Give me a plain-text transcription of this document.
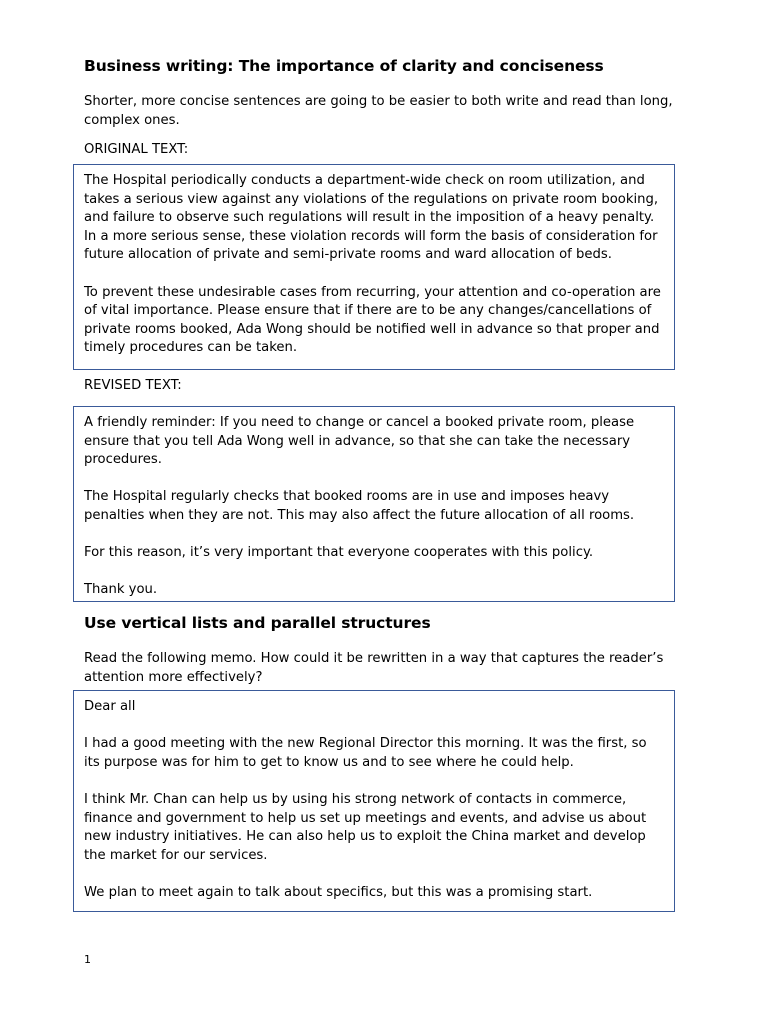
Business writing: The importance of clarity and conciseness

Shorter, more concise sentences are going to be easier to both write and read than long, complex ones.

ORIGINAL TEXT:

The Hospital periodically conducts a department-wide check on room utilization, and takes a serious view against any violations of the regulations on private room booking, and failure to observe such regulations will result in the imposition of a heavy penalty. In a more serious sense, these violation records will form the basis of consideration for future allocation of private and semi-private rooms and ward allocation of beds.

To prevent these undesirable cases from recurring, your attention and co-operation are of vital importance. Please ensure that if there are to be any changes/cancellations of private rooms booked, Ada Wong should be notified well in advance so that proper and timely procedures can be taken.

REVISED TEXT:

A friendly reminder: If you need to change or cancel a booked private room, please ensure that you tell Ada Wong well in advance, so that she can take the necessary procedures.

The Hospital regularly checks that booked rooms are in use and imposes heavy penalties when they are not. This may also affect the future allocation of all rooms.

For this reason, it’s very important that everyone cooperates with this policy.

Thank you.

Use vertical lists and parallel structures

Read the following memo. How could it be rewritten in a way that captures the reader’s attention more effectively?

Dear all

I had a good meeting with the new Regional Director this morning. It was the first, so its purpose was for him to get to know us and to see where he could help.

I think Mr. Chan can help us by using his strong network of contacts in commerce, finance and government to help us set up meetings and events, and advise us about new industry initiatives. He can also help us to exploit the China market and develop the market for our services.

We plan to meet again to talk about specifics, but this was a promising start.

1
